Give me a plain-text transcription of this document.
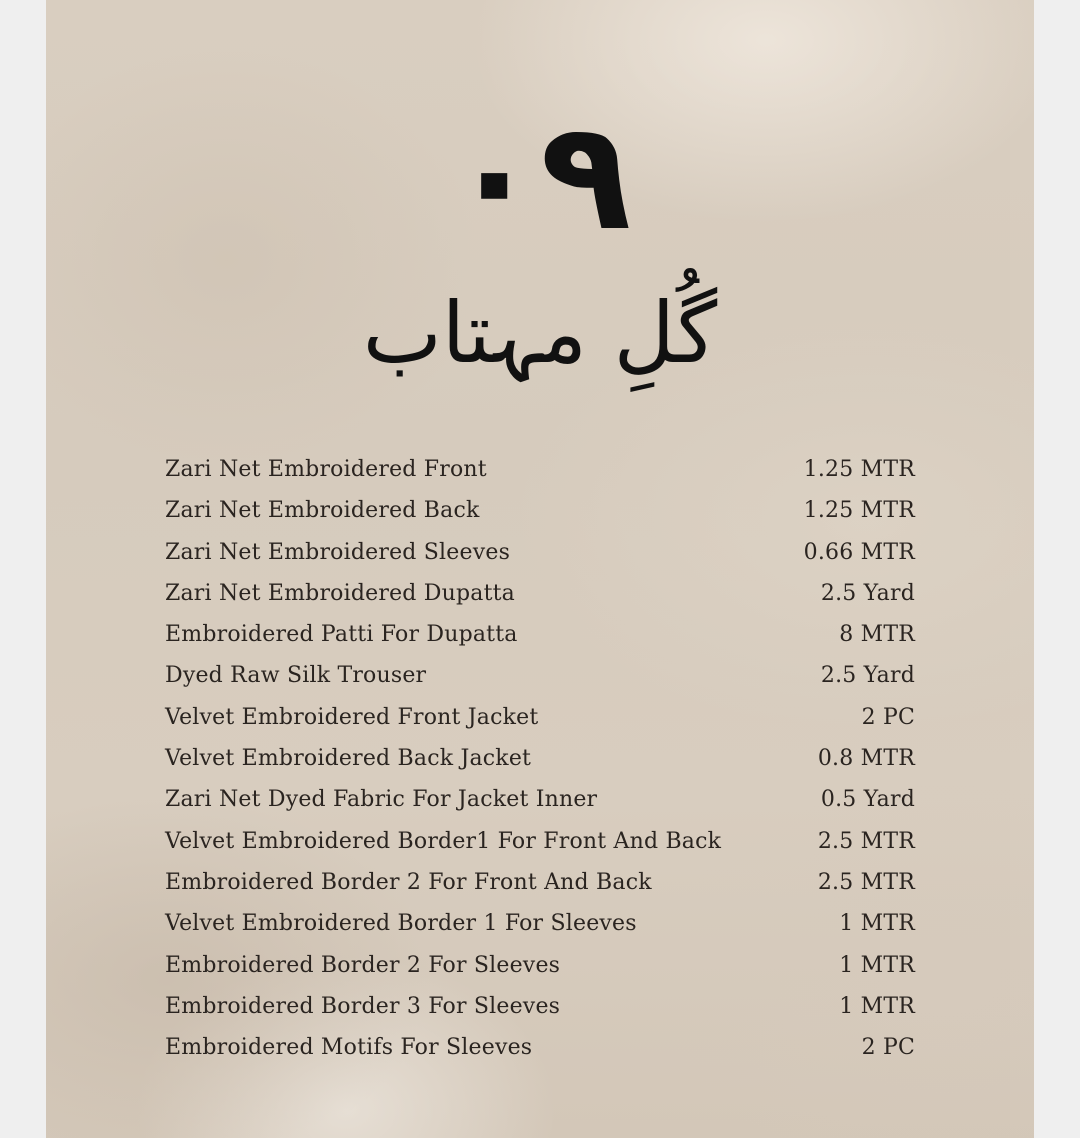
٠٩
گُلِ مہتاب
Zari Net Embroidered Front	1.25 MTR
Zari Net Embroidered Back	1.25 MTR
Zari Net Embroidered Sleeves	0.66 MTR
Zari Net Embroidered Dupatta	2.5 Yard
Embroidered Patti For Dupatta	8 MTR
Dyed Raw Silk Trouser	2.5 Yard
Velvet Embroidered Front Jacket	2 PC
Velvet Embroidered Back Jacket	0.8 MTR
Zari Net Dyed Fabric For Jacket Inner	0.5 Yard
Velvet Embroidered Border1 For Front And Back	2.5 MTR
Embroidered Border 2 For Front And Back	2.5 MTR
Velvet Embroidered Border 1 For Sleeves	1 MTR
Embroidered Border 2 For Sleeves	1 MTR
Embroidered Border 3 For Sleeves	1 MTR
Embroidered Motifs For Sleeves	2 PC
